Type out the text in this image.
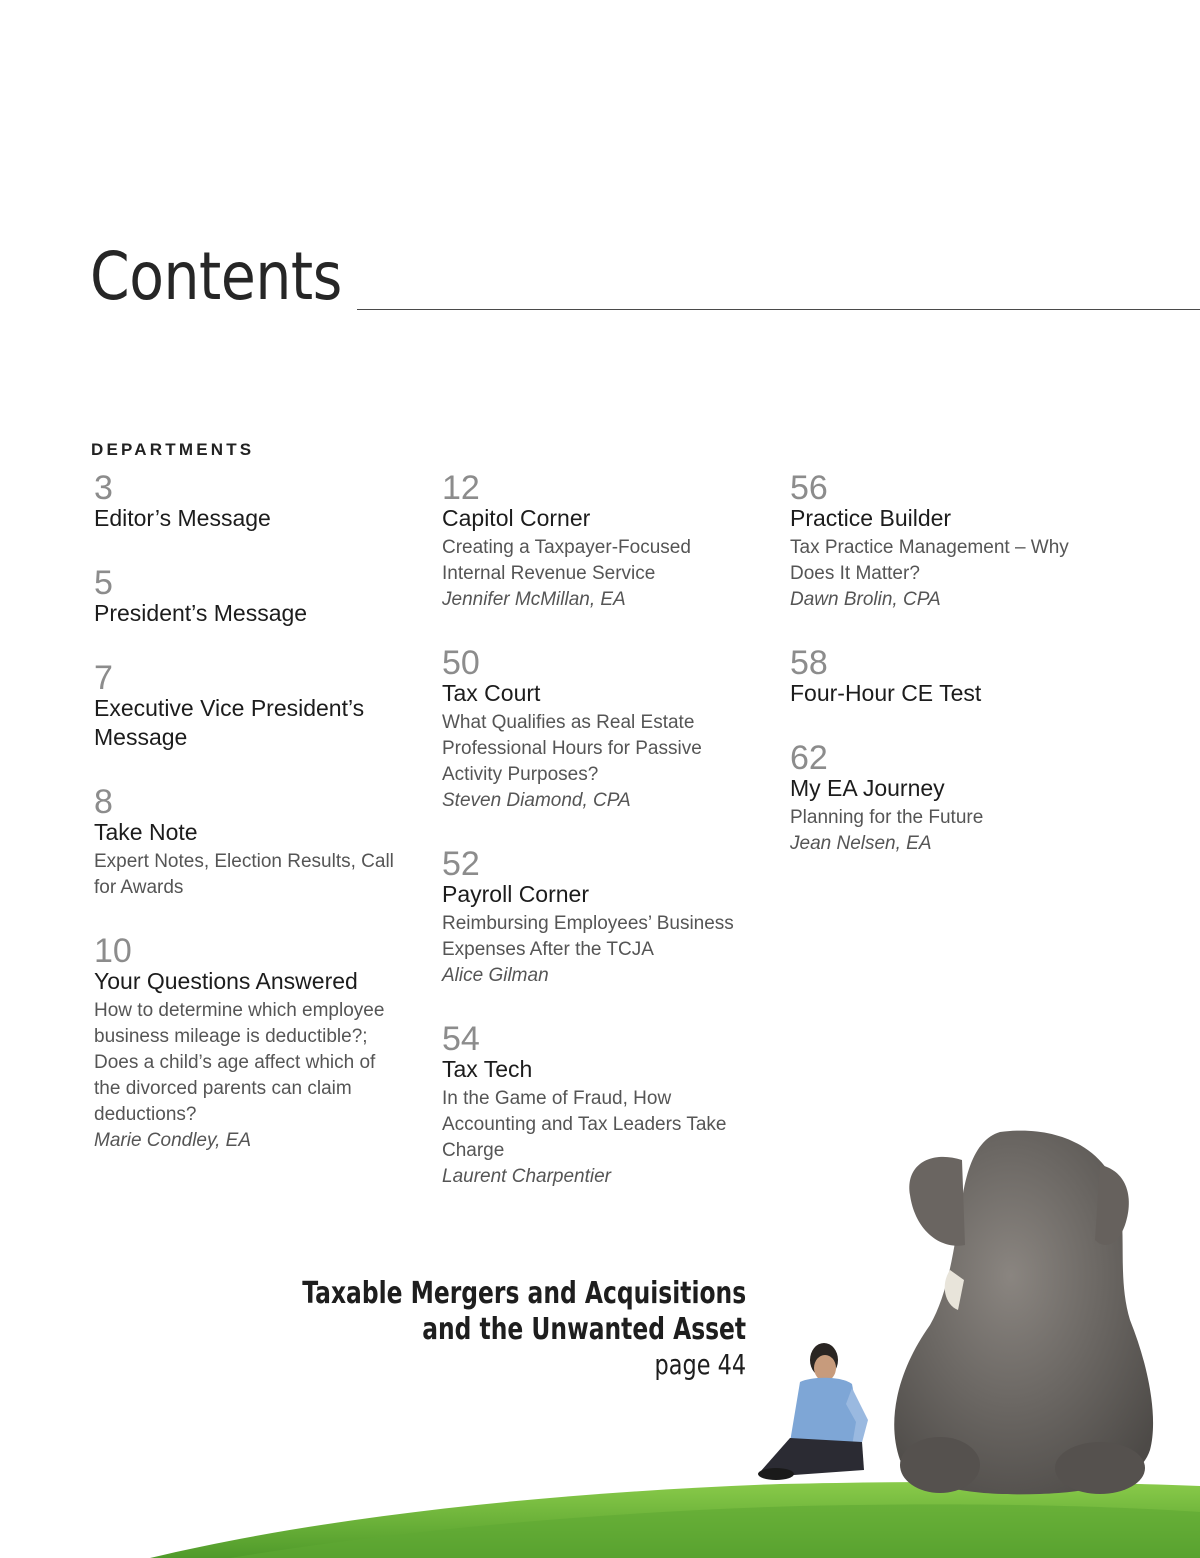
Contents
DEPARTMENTS
3
Editor’s Message
5
President’s Message
7
Executive Vice President’s Message
8
Take Note
Expert Notes, Election Results, Call for Awards
10
Your Questions Answered
How to determine which employee business mileage is deductible?; Does a child’s age affect which of the divorced parents can claim deductions?
Marie Condley, EA
12
Capitol Corner
Creating a Taxpayer-Focused Internal Revenue Service
Jennifer McMillan, EA
50
Tax Court
What Qualifies as Real Estate Professional Hours for Passive Activity Purposes?
Steven Diamond, CPA
52
Payroll Corner
Reimbursing Employees’ Business Expenses After the TCJA
Alice Gilman
54
Tax Tech
In the Game of Fraud, How Accounting and Tax Leaders Take Charge
Laurent Charpentier
56
Practice Builder
Tax Practice Management – Why Does It Matter?
Dawn Brolin, CPA
58
Four-Hour CE Test
62
My EA Journey
Planning for the Future
Jean Nelsen, EA
Taxable Mergers and Acquisitions
and the Unwanted Asset
page 44
